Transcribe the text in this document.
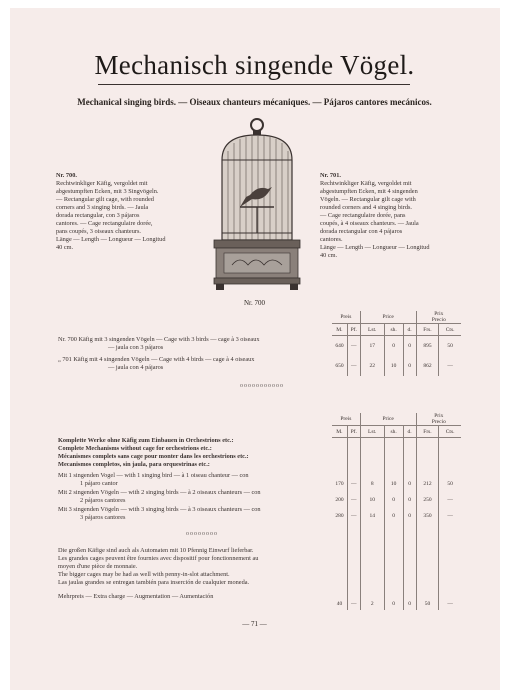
Mechanisch singende Vögel.
Mechanical singing birds. — Oiseaux chanteurs mécaniques. — Pájaros cantores mecánicos.
Nr. 700.
Rechtwinkliger Käfig, vergoldet mit
abgestumpften Ecken, mit 3 Singvögeln.
— Rectangular gilt cage, with rounded
corners and 3 singing birds. — Jaula
dorada rectangular, con 3 pájaros
cantores. — Cage rectangulaire dorée,
pans coupés, 3 oiseaux chanteurs.
Länge — Length — Longueur — Longitud
40 cm.
Nr. 701.
Rechtwinkliger Käfig, vergoldet mit
abgestumpften Ecken, mit 4 singenden
Vögeln. — Rectangular gilt cage with
rounded corners and 4 singing birds.
— Cage rectangulaire dorée, pans
coupés, à 4 oiseaux chanteurs. — Jaula
dorada rectangular con 4 pájaros
cantores.
Länge — Length — Longueur — Longitud
40 cm.
Nr. 700
Preis		Price			Prix
Precio	
M.	Pf.	Lst.	sh.	d.	Frs.	Cts.
640	—	17	0	0	895	50
650	—	22	10	0	862	—
Nr. 700 Käfig mit 3 singenden Vögeln — Cage with 3 birds — cage à 3 oiseaux
— jaula con 3 pájaros
„ 701 Käfig mit 4 singenden Vögeln — Cage with 4 birds — cage à 4 oiseaux
— jaula con 4 pájaros
ooooooooooo
Preis		Price			Prix
Precio	
M.	Pf.	Lst.	sh.	d.	Frs.	Cts.

170	—	8	10	0	212	50
200	—	10	0	0	250	—
280	—	14	0	0	350	—

40	—	2	0	0	50	—
Komplette Werke ohne Käfig zum Einbauen in Orchestrions etc.:
Complete Mechanisms without cage for orchestrions etc.:
Mécanismes complets sans cage pour monter dans les orchestrions etc.:
Mecanismos completos, sin jaula, para orquestrinas etc.:
Mit 1 singenden Vogel — with 1 singing bird — à 1 oiseau chanteur — con
1 pájaro cantor
Mit 2 singenden Vögeln — with 2 singing birds — à 2 oiseaux chanteurs — con
2 pájaros cantores
Mit 3 singenden Vögeln — with 3 singing birds — à 3 oiseaux chanteurs — con
3 pájaros cantores
oooooooo
Die großen Käfige sind auch als Automaten mit 10 Pfennig Einwurf lieferbar.
Les grandes cages peuvent être fournies avec dispositif pour fonctionnement au
moyen d'une pièce de monnaie.
The bigger cages may be had as well with penny-in-slot attachment.
Las jaulas grandes se entregan también para inserción de cualquier moneda.
Mehrpreis — Extra charge — Augmentation — Aumentación
— 71 —
